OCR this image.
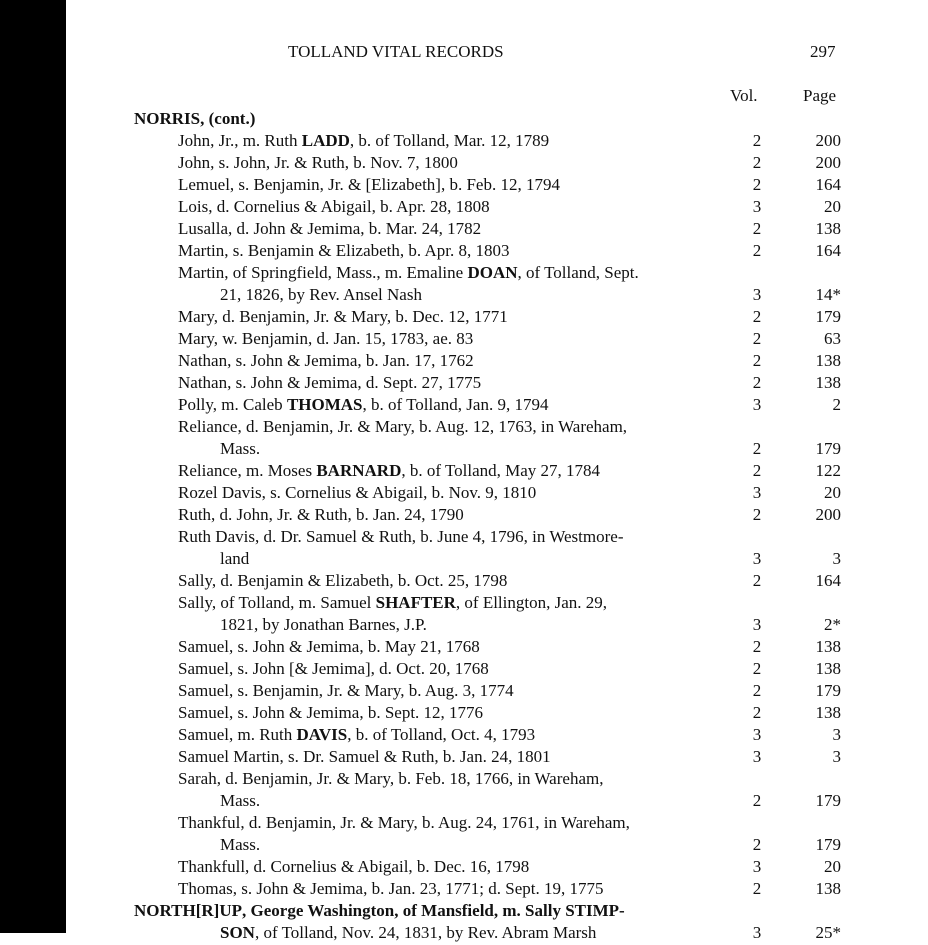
TOLLAND VITAL RECORDS	297
Vol.	Page
NORRIS, (cont.)
John, Jr., m. Ruth LADD, b. of Tolland, Mar. 12, 1789	2	200
John, s. John, Jr. & Ruth, b. Nov. 7, 1800	2	200
Lemuel, s. Benjamin, Jr. & [Elizabeth], b. Feb. 12, 1794	2	164
Lois, d. Cornelius & Abigail, b. Apr. 28, 1808	3	20
Lusalla, d. John & Jemima, b. Mar. 24, 1782	2	138
Martin, s. Benjamin & Elizabeth, b. Apr. 8, 1803	2	164
Martin, of Springfield, Mass., m. Emaline DOAN, of Tolland, Sept.
21, 1826, by Rev. Ansel Nash	3	14*
Mary, d. Benjamin, Jr. & Mary, b. Dec. 12, 1771	2	179
Mary, w. Benjamin, d. Jan. 15, 1783, ae. 83	2	63
Nathan, s. John & Jemima, b. Jan. 17, 1762	2	138
Nathan, s. John & Jemima, d. Sept. 27, 1775	2	138
Polly, m. Caleb THOMAS, b. of Tolland, Jan. 9, 1794	3	2
Reliance, d. Benjamin, Jr. & Mary, b. Aug. 12, 1763, in Wareham,
Mass.	2	179
Reliance, m. Moses BARNARD, b. of Tolland, May 27, 1784	2	122
Rozel Davis, s. Cornelius & Abigail, b. Nov. 9, 1810	3	20
Ruth, d. John, Jr. & Ruth, b. Jan. 24, 1790	2	200
Ruth Davis, d. Dr. Samuel & Ruth, b. June 4, 1796, in Westmore-
land	3	3
Sally, d. Benjamin & Elizabeth, b. Oct. 25, 1798	2	164
Sally, of Tolland, m. Samuel SHAFTER, of Ellington, Jan. 29,
1821, by Jonathan Barnes, J.P.	3	2*
Samuel, s. John & Jemima, b. May 21, 1768	2	138
Samuel, s. John [& Jemima], d. Oct. 20, 1768	2	138
Samuel, s. Benjamin, Jr. & Mary, b. Aug. 3, 1774	2	179
Samuel, s. John & Jemima, b. Sept. 12, 1776	2	138
Samuel, m. Ruth DAVIS, b. of Tolland, Oct. 4, 1793	3	3
Samuel Martin, s. Dr. Samuel & Ruth, b. Jan. 24, 1801	3	3
Sarah, d. Benjamin, Jr. & Mary, b. Feb. 18, 1766, in Wareham,
Mass.	2	179
Thankful, d. Benjamin, Jr. & Mary, b. Aug. 24, 1761, in Wareham,
Mass.	2	179
Thankfull, d. Cornelius & Abigail, b. Dec. 16, 1798	3	20
Thomas, s. John & Jemima, b. Jan. 23, 1771; d. Sept. 19, 1775	2	138
NORTH[R]UP, George Washington, of Mansfield, m. Sally STIMP-
SON, of Tolland, Nov. 24, 1831, by Rev. Abram Marsh	3	25*
